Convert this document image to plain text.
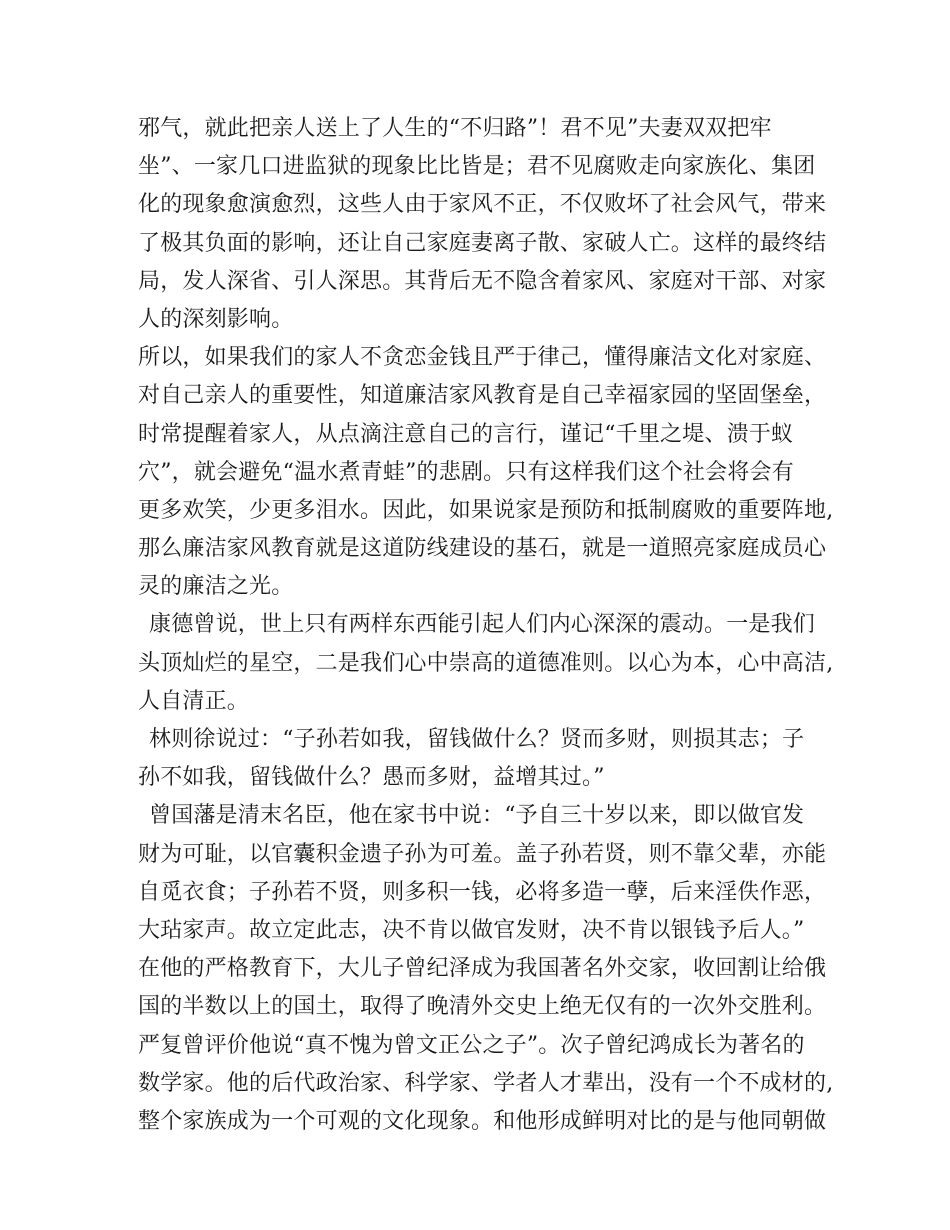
邪气，就此把亲人送上了人生的“不归路”！君不见”夫妻双双把牢
坐”、一家几口进监狱的现象比比皆是；君不见腐败走向家族化、集团
化的现象愈演愈烈，这些人由于家风不正，不仅败坏了社会风气，带来
了极其负面的影响，还让自己家庭妻离子散、家破人亡。这样的最终结
局，发人深省、引人深思。其背后无不隐含着家风、家庭对干部、对家
人的深刻影响。
所以，如果我们的家人不贪恋金钱且严于律己，懂得廉洁文化对家庭、
对自己亲人的重要性，知道廉洁家风教育是自己幸福家园的坚固堡垒，
时常提醒着家人，从点滴注意自己的言行，谨记“千里之堤、溃于蚁
穴”，就会避免“温水煮青蛙”的悲剧。只有这样我们这个社会将会有
更多欢笑，少更多泪水。因此，如果说家是预防和抵制腐败的重要阵地,
那么廉洁家风教育就是这道防线建设的基石，就是一道照亮家庭成员心
灵的廉洁之光。
康德曾说，世上只有两样东西能引起人们内心深深的震动。一是我们
头顶灿烂的星空，二是我们心中崇高的道德准则。以心为本，心中高洁,
人自清正。
林则徐说过：“子孙若如我，留钱做什么？贤而多财，则损其志；子
孙不如我，留钱做什么？愚而多财，益增其过。”
曾国藩是清末名臣，他在家书中说：“予自三十岁以来，即以做官发
财为可耻，以官囊积金遗子孙为可羞。盖子孙若贤，则不靠父辈，亦能
自觅衣食；子孙若不贤，则多积一钱，必将多造一孽，后来淫佚作恶，
大玷家声。故立定此志，决不肯以做官发财，决不肯以银钱予后人。”
在他的严格教育下，大儿子曾纪泽成为我国著名外交家，收回割让给俄
国的半数以上的国土，取得了晚清外交史上绝无仅有的一次外交胜利。
严复曾评价他说“真不愧为曾文正公之子”。次子曾纪鸿成长为著名的
数学家。他的后代政治家、科学家、学者人才辈出，没有一个不成材的,
整个家族成为一个可观的文化现象。和他形成鲜明对比的是与他同朝做
